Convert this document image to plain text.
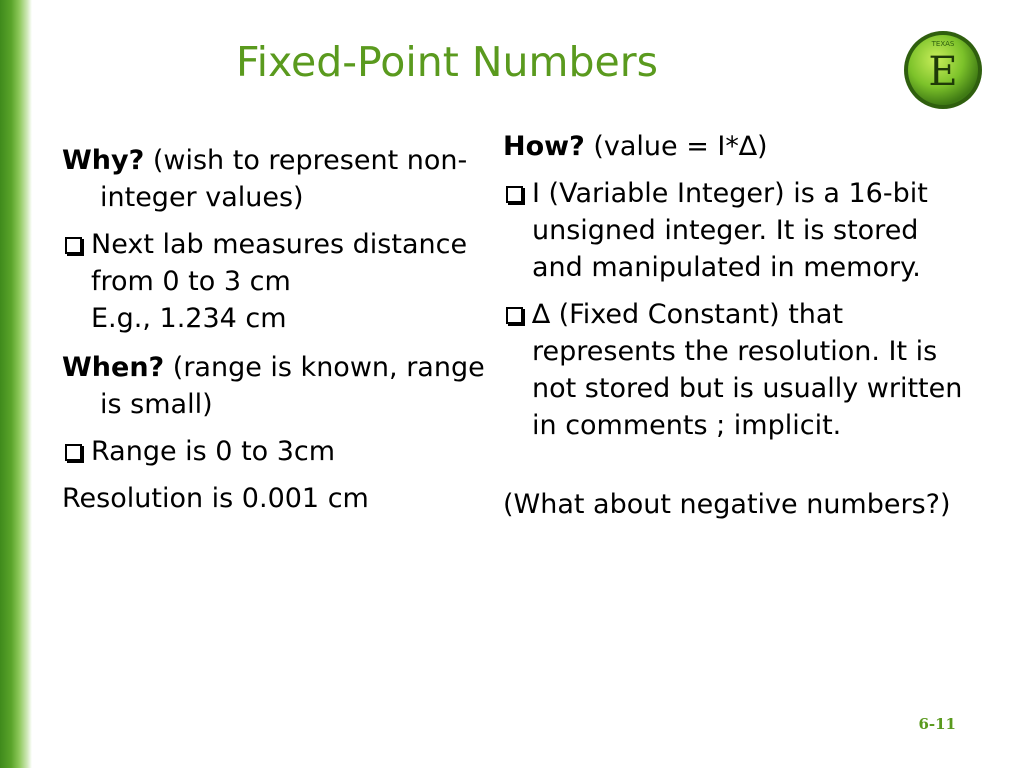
Fixed-Point Numbers	TEXAS
E

Why? (wish to represent non-integer values)

Next lab measures distance from 0 to 3 cm
E.g., 1.234 cm

When? (range is known, range is small)

Range is 0 to 3cm

Resolution is 0.001 cm

How? (value = I*∆)

I (Variable Integer) is a 16-bit unsigned integer. It is stored and manipulated in memory.
∆ (Fixed Constant) that represents the resolution. It is not stored but is usually written in comments ; implicit.

(What about negative numbers?)

6-11
